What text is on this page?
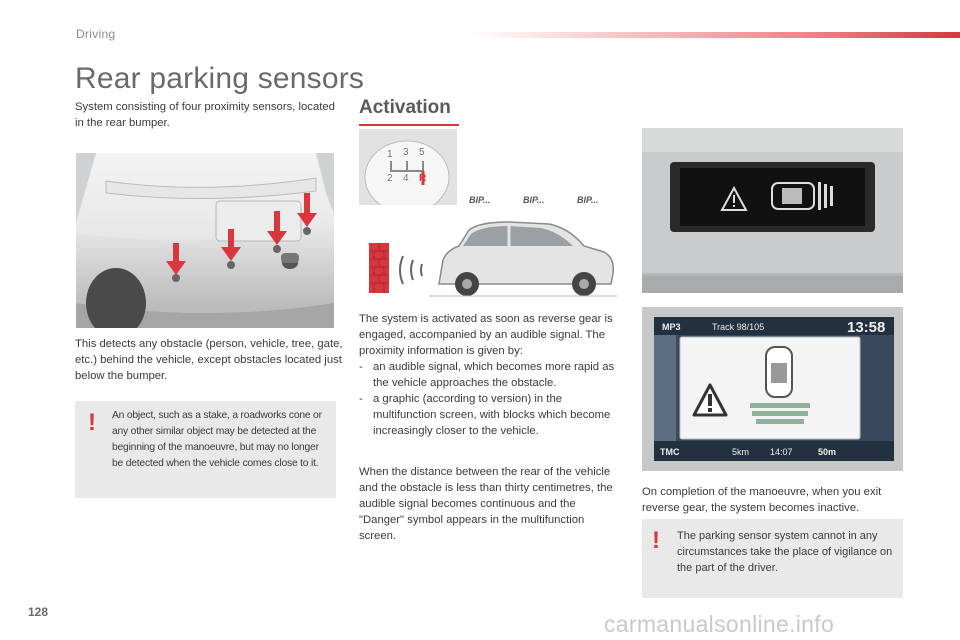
Driving
Rear parking sensors

System consisting of four proximity sensors, located in the rear bumper.

This detects any obstacle (person, vehicle, tree, gate, etc.) behind the vehicle, except obstacles located just below the bumper.

! An object, such as a stake, a roadworks cone or any other similar object may be detected at the beginning of the manoeuvre, but may no longer be detected when the vehicle comes close to it.

Activation
1 3 5
2 4 R
BIP...	BIP...	BIP...

The system is activated as soon as reverse gear is engaged, accompanied by an audible signal. The proximity information is given by:

- an audible signal, which becomes more rapid as the vehicle approaches the obstacle.
- a graphic (according to version) in the multifunction screen, with blocks which become increasingly closer to the vehicle.

When the distance between the rear of the vehicle and the obstacle is less than thirty centimetres, the audible signal becomes continuous and the "Danger" symbol appears in the multifunction screen.

MP3	Track 98/105	13:58
TMC	5km 14:07	50m

On completion of the manoeuvre, when you exit reverse gear, the system becomes inactive.

! The parking sensor system cannot in any circumstances take the place of vigilance on the part of the driver.

128	carmanualsonline.info
